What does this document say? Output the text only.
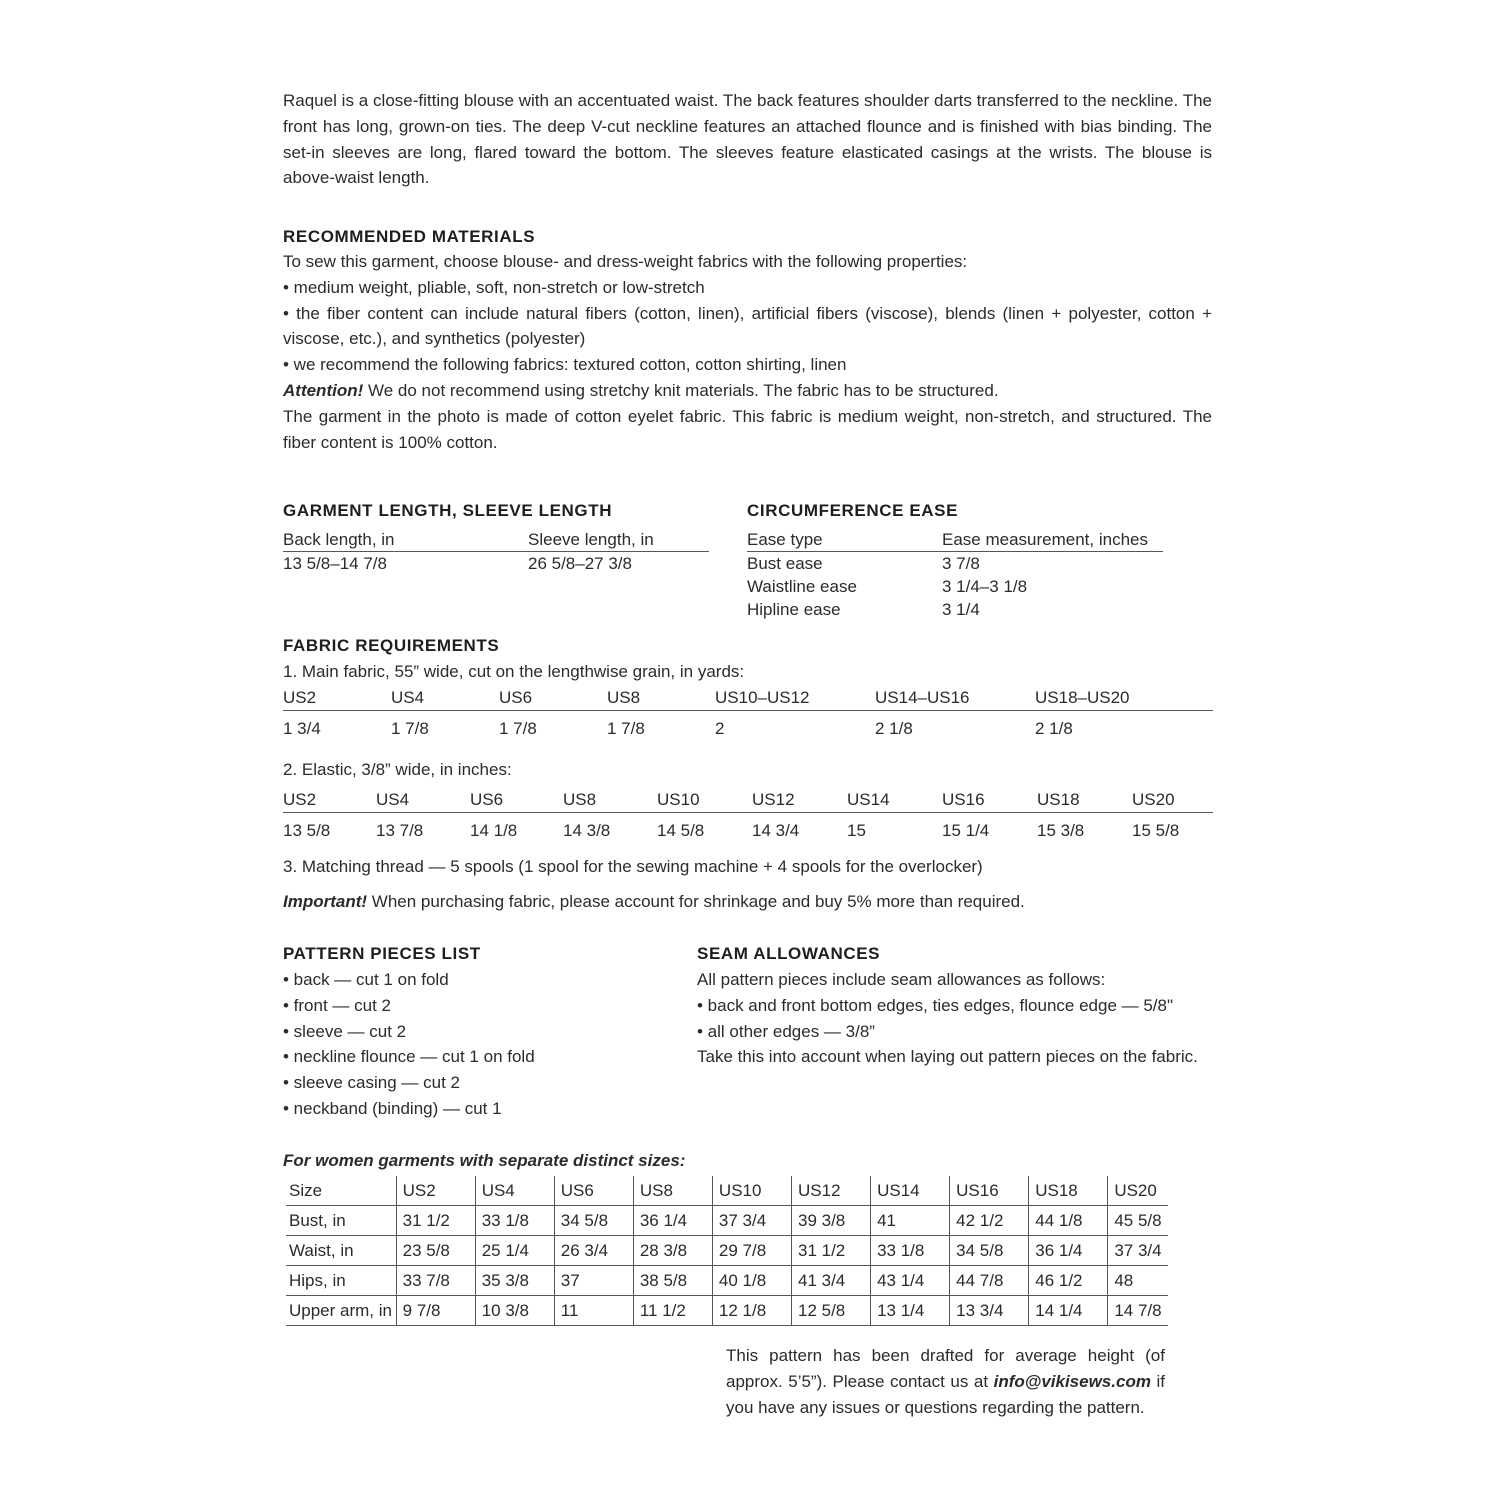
Raquel is a close-fitting blouse with an accentuated waist. The back features shoulder darts transferred to the neckline. The front has long, grown-on ties. The deep V-cut neckline features an attached flounce and is finished with bias binding. The set-in sleeves are long, flared toward the bottom. The sleeves feature elasticated casings at the wrists. The blouse is above-waist length.
RECOMMENDED MATERIALS
To sew this garment, choose blouse- and dress-weight fabrics with the following properties:
• medium weight, pliable, soft, non-stretch or low-stretch
• the fiber content can include natural fibers (cotton, linen), artificial fibers (viscose), blends (linen + polyester, cotton + viscose, etc.), and synthetics (polyester)
• we recommend the following fabrics: textured cotton, cotton shirting, linen
Attention! We do not recommend using stretchy knit materials. The fabric has to be structured.
The garment in the photo is made of cotton eyelet fabric. This fabric is medium weight, non-stretch, and structured. The fiber content is 100% cotton.
GARMENT LENGTH, SLEEVE LENGTH
Back length, in	Sleeve length, in
13 5/8–14 7/8	26 5/8–27 3/8
CIRCUMFERENCE EASE
Ease type	Ease measurement, inches
Bust ease	3 7/8
Waistline ease	3 1/4–3 1/8
Hipline ease	3 1/4
FABRIC REQUIREMENTS
1. Main fabric, 55” wide, cut on the lengthwise grain, in yards:
US2	US4	US6	US8	US10–US12	US14–US16	US18–US20
1 3/4	1 7/8	1 7/8	1 7/8	2	2 1/8	2 1/8
2. Elastic, 3/8” wide, in inches:
US2	US4	US6	US8	US10	US12	US14	US16	US18	US20
13 5/8	13 7/8	14 1/8	14 3/8	14 5/8	14 3/4	15	15 1/4	15 3/8	15 5/8
3. Matching thread — 5 spools (1 spool for the sewing machine + 4 spools for the overlocker)
Important! When purchasing fabric, please account for shrinkage and buy 5% more than required.
PATTERN PIECES LIST
• back — cut 1 on fold
• front — cut 2
• sleeve — cut 2
• neckline flounce — cut 1 on fold
• sleeve casing — cut 2
• neckband (binding) — cut 1
SEAM ALLOWANCES
All pattern pieces include seam allowances as follows:
• back and front bottom edges, ties edges, flounce edge — 5/8"
• all other edges — 3/8”
Take this into account when laying out pattern pieces on the fabric.
For women garments with separate distinct sizes:
Size	US2	US4	US6	US8	US10	US12	US14	US16	US18	US20
Bust, in	31 1/2	33 1/8	34 5/8	36 1/4	37 3/4	39 3/8	41	42 1/2	44 1/8	45 5/8
Waist, in	23 5/8	25 1/4	26 3/4	28 3/8	29 7/8	31 1/2	33 1/8	34 5/8	36 1/4	37 3/4
Hips, in	33 7/8	35 3/8	37	38 5/8	40 1/8	41 3/4	43 1/4	44 7/8	46 1/2	48
Upper arm, in	9 7/8	10 3/8	11	11 1/2	12 1/8	12 5/8	13 1/4	13 3/4	14 1/4	14 7/8
This pattern has been drafted for average height (of approx. 5’5”). Please contact us at info@vikisews.com if you have any issues or questions regarding the pattern.
